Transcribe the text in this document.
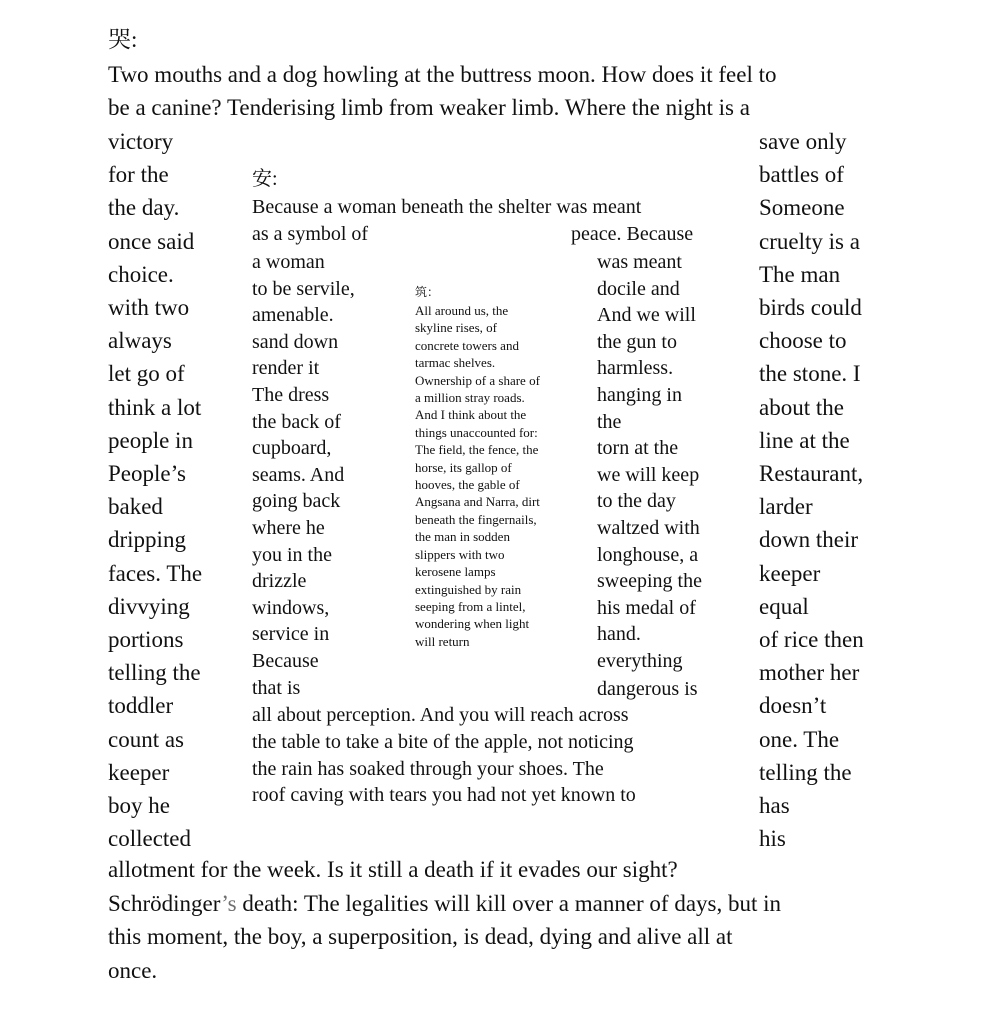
哭:
Two mouths and a dog howling at the buttress moon. How does it feel to
be a canine? Tenderising limb from weaker limb. Where the night is a
victory
for the
the day.
once said
choice.
with two
always
let go of
think a lot
people in
People’s
baked
dripping
faces. The
divvying
portions
telling the
toddler
count as
keeper
boy he
collected
save only
battles of
Someone
cruelty is a
The man
birds could
choose to
the stone. I
about the
line at the
Restaurant,
larder
down their
keeper
equal
of rice then
mother her
doesn’t
one. The
telling the
has
his
allotment for the week. Is it still a death if it evades our sight?
Schrödinger’s death: The legalities will kill over a manner of days, but in
this moment, the boy, a superposition, is dead, dying and alive all at
once.
安:
Because a woman beneath the shelter was meant
as a symbol of	peace. Because
a woman
to be servile,
amenable.
sand down
render it
The dress
the back of
cupboard,
seams. And
going back
where he
you in the
drizzle
windows,
service in
Because
that is
was meant
docile and
And we will
the gun to
harmless.
hanging in
the
torn at the
we will keep
to the day
waltzed with
longhouse, a
sweeping the
his medal of
hand.
everything
dangerous is
all about perception. And you will reach across
the table to take a bite of the apple, not noticing
the rain has soaked through your shoes. The
roof caving with tears you had not yet known to
筑：
All around us, the
skyline rises, of
concrete towers and
tarmac shelves.
Ownership of a share of
a million stray roads.
And I think about the
things unaccounted for:
The field, the fence, the
horse, its gallop of
hooves, the gable of
Angsana and Narra, dirt
beneath the fingernails,
the man in sodden
slippers with two
kerosene lamps
extinguished by rain
seeping from a lintel,
wondering when light
will return
